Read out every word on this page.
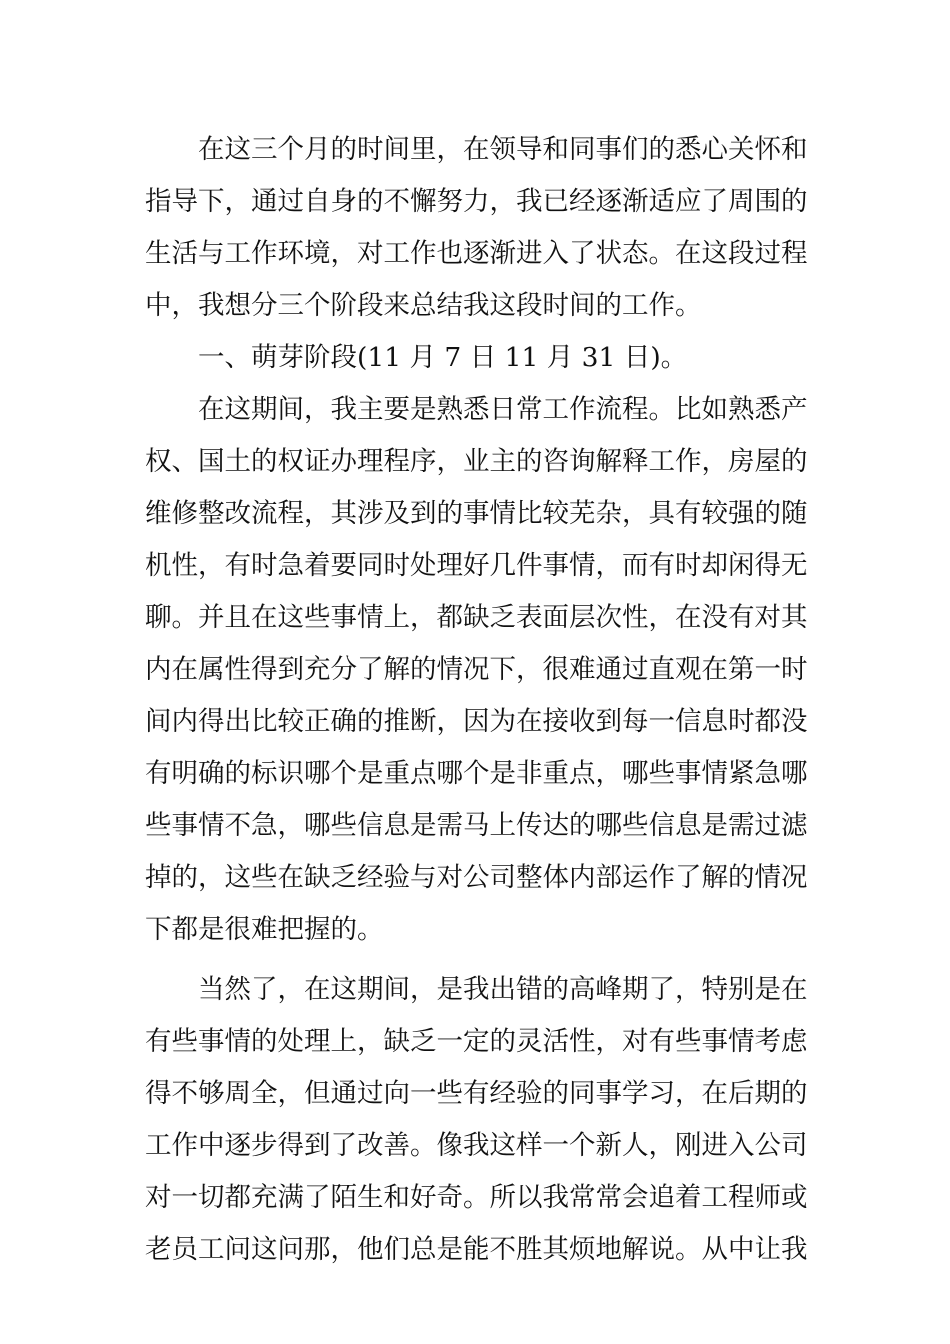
在这三个月的时间里，在领导和同事们的悉心关怀和
指导下，通过自身的不懈努力，我已经逐渐适应了周围的
生活与工作环境，对工作也逐渐进入了状态。在这段过程
中，我想分三个阶段来总结我这段时间的工作。
一、萌芽阶段(11 月 7 日 11 月 31 日)。
在这期间，我主要是熟悉日常工作流程。比如熟悉产
权、国土的权证办理程序，业主的咨询解释工作，房屋的
维修整改流程，其涉及到的事情比较芜杂，具有较强的随
机性，有时急着要同时处理好几件事情，而有时却闲得无
聊。并且在这些事情上，都缺乏表面层次性，在没有对其
内在属性得到充分了解的情况下，很难通过直观在第一时
间内得出比较正确的推断，因为在接收到每一信息时都没
有明确的标识哪个是重点哪个是非重点，哪些事情紧急哪
些事情不急，哪些信息是需马上传达的哪些信息是需过滤
掉的，这些在缺乏经验与对公司整体内部运作了解的情况
下都是很难把握的。
当然了，在这期间，是我出错的高峰期了，特别是在
有些事情的处理上，缺乏一定的灵活性，对有些事情考虑
得不够周全，但通过向一些有经验的同事学习，在后期的
工作中逐步得到了改善。像我这样一个新人，刚进入公司
对一切都充满了陌生和好奇。所以我常常会追着工程师或
老员工问这问那，他们总是能不胜其烦地解说。从中让我
